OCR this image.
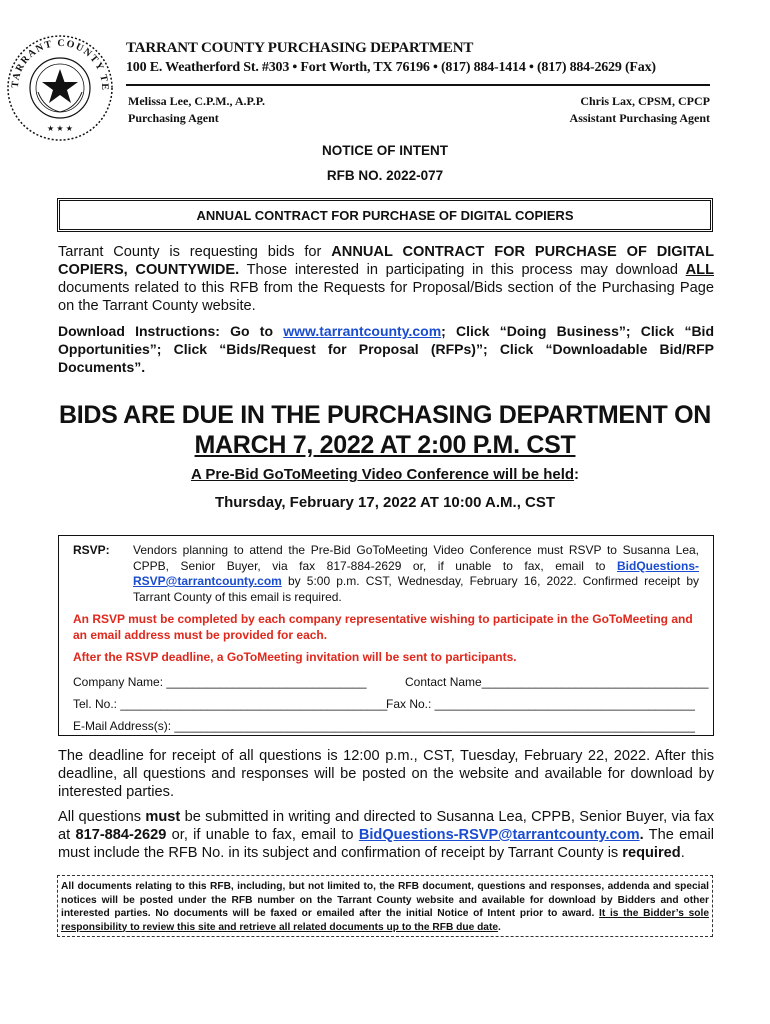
TARRANT COUNTY TE
★ ★ ★
TARRANT COUNTY PURCHASING DEPARTMENT
100 E. Weatherford St. #303 • Fort Worth, TX 76196 • (817) 884-1414 • (817) 884-2629 (Fax)
Melissa Lee, C.P.M., A.P.P.
Purchasing Agent
Chris Lax, CPSM, CPCP
Assistant Purchasing Agent
NOTICE OF INTENT
RFB NO. 2022-077
ANNUAL CONTRACT FOR PURCHASE OF DIGITAL COPIERS
Tarrant County is requesting bids for ANNUAL CONTRACT FOR PURCHASE OF DIGITAL COPIERS, COUNTYWIDE. Those interested in participating in this process may download ALL documents related to this RFB from the Requests for Proposal/Bids section of the Purchasing Page on the Tarrant County website.
Download Instructions: Go to www.tarrantcounty.com; Click “Doing Business”; Click “Bid Opportunities”; Click “Bids/Request for Proposal (RFPs)”; Click “Downloadable Bid/RFP Documents”.
BIDS ARE DUE IN THE PURCHASING DEPARTMENT ON
MARCH 7, 2022 AT 2:00 P.M. CST
A Pre-Bid GoToMeeting Video Conference will be held:
Thursday, February 17, 2022 AT 10:00 A.M., CST
RSVP: Vendors planning to attend the Pre-Bid GoToMeeting Video Conference must RSVP to Susanna Lea, CPPB, Senior Buyer, via fax 817-884-2629 or, if unable to fax, email to BidQuestions-RSVP@tarrantcounty.com by 5:00 p.m. CST, Wednesday, February 16, 2022. Confirmed receipt by Tarrant County of this email is required.
An RSVP must be completed by each company representative wishing to participate in the GoToMeeting and an email address must be provided for each.
After the RSVP deadline, a GoToMeeting invitation will be sent to participants.
Company Name: ______________________________	Contact Name__________________________________
Tel. No.: ________________________________________
Fax No.: _______________________________________
E-Mail Address(s): ______________________________________________________________________________
The deadline for receipt of all questions is 12:00 p.m., CST, Tuesday, February 22, 2022. After this deadline, all questions and responses will be posted on the website and available for download by interested parties.
All questions must be submitted in writing and directed to Susanna Lea, CPPB, Senior Buyer, via fax at 817-884-2629 or, if unable to fax, email to BidQuestions-RSVP@tarrantcounty.com. The email must include the RFB No. in its subject and confirmation of receipt by Tarrant County is required.
All documents relating to this RFB, including, but not limited to, the RFB document, questions and responses, addenda and special notices will be posted under the RFB number on the Tarrant County website and available for download by Bidders and other interested parties. No documents will be faxed or emailed after the initial Notice of Intent prior to award. It is the Bidder’s sole responsibility to review this site and retrieve all related documents up to the RFB due date.
